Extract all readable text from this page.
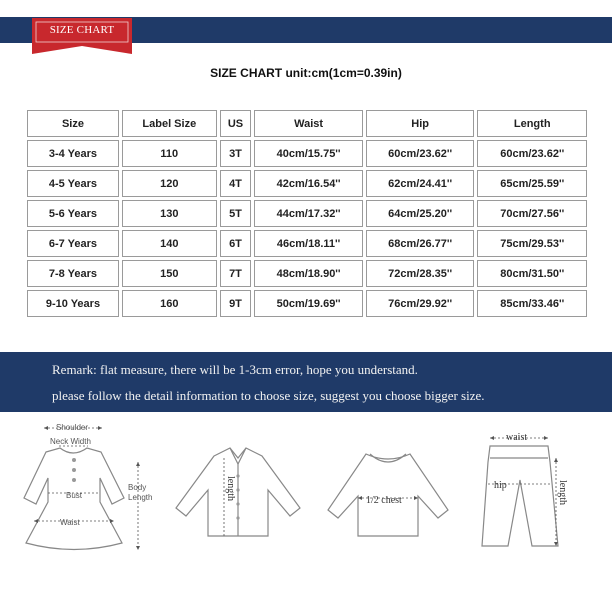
SIZE CHART
SIZE CHART unit:cm(1cm=0.39in)
Size	Label Size	US	Waist	Hip	Length
3-4 Years	110	3T	40cm/15.75''	60cm/23.62''	60cm/23.62''
4-5 Years	120	4T	42cm/16.54''	62cm/24.41''	65cm/25.59''
5-6 Years	130	5T	44cm/17.32''	64cm/25.20''	70cm/27.56''
6-7 Years	140	6T	46cm/18.11''	68cm/26.77''	75cm/29.53''
7-8 Years	150	7T	48cm/18.90''	72cm/28.35''	80cm/31.50''
9-10 Years	160	9T	50cm/19.69''	76cm/29.92''	85cm/33.46''
Remark: flat measure, there will be 1-3cm error, hope you understand.
please follow the detail information to choose size, suggest you choose bigger size.
Shoulder
Neck Width
Bust
Waist
Body
Length	length	1/2 chest
waist
hip	length
